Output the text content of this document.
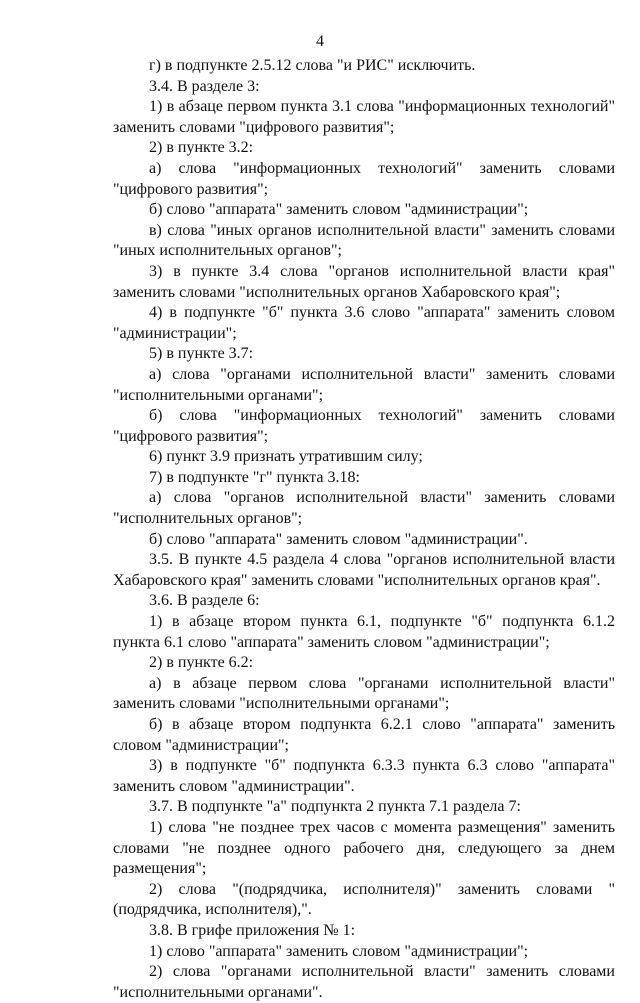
4

г) в подпункте 2.5.12 слова "и РИС" исключить.

3.4. В разделе 3:

1) в абзаце первом пункта 3.1 слова "информационных технологий" заменить словами "цифрового развития";

2) в пункте 3.2:

а) слова "информационных технологий" заменить словами "цифрового развития";

б) слово "аппарата" заменить словом "администрации";

в) слова "иных органов исполнительной власти" заменить словами "иных исполнительных органов";

3) в пункте 3.4 слова "органов исполнительной власти края" заменить словами "исполнительных органов Хабаровского края";

4) в подпункте "б" пункта 3.6 слово "аппарата" заменить словом "администрации";

5) в пункте 3.7:

а) слова "органами исполнительной власти" заменить словами "исполнительными органами";

б) слова "информационных технологий" заменить словами "цифрового развития";

6) пункт 3.9 признать утратившим силу;

7) в подпункте "г" пункта 3.18:

а) слова "органов исполнительной власти" заменить словами "исполнительных органов";

б) слово "аппарата" заменить словом "администрации".

3.5. В пункте 4.5 раздела 4 слова "органов исполнительной власти Хабаровского края" заменить словами "исполнительных органов края".

3.6. В разделе 6:

1) в абзаце втором пункта 6.1, подпункте "б" подпункта 6.1.2 пункта 6.1 слово "аппарата" заменить словом "администрации";

2) в пункте 6.2:

а) в абзаце первом слова "органами исполнительной власти" заменить словами "исполнительными органами";

б) в абзаце втором подпункта 6.2.1 слово "аппарата" заменить словом "администрации";

3) в подпункте "б" подпункта 6.3.3 пункта 6.3 слово "аппарата" заменить словом "администрации".

3.7. В подпункте "а" подпункта 2 пункта 7.1 раздела 7:

1) слова "не позднее трех часов с момента размещения" заменить словами "не позднее одного рабочего дня, следующего за днем размещения";

2) слова "(подрядчика, исполнителя)" заменить словами "(подрядчика, исполнителя),".

3.8. В грифе приложения № 1:

1) слово "аппарата" заменить словом "администрации";

2) слова "органами исполнительной власти" заменить словами "исполнительными органами".
